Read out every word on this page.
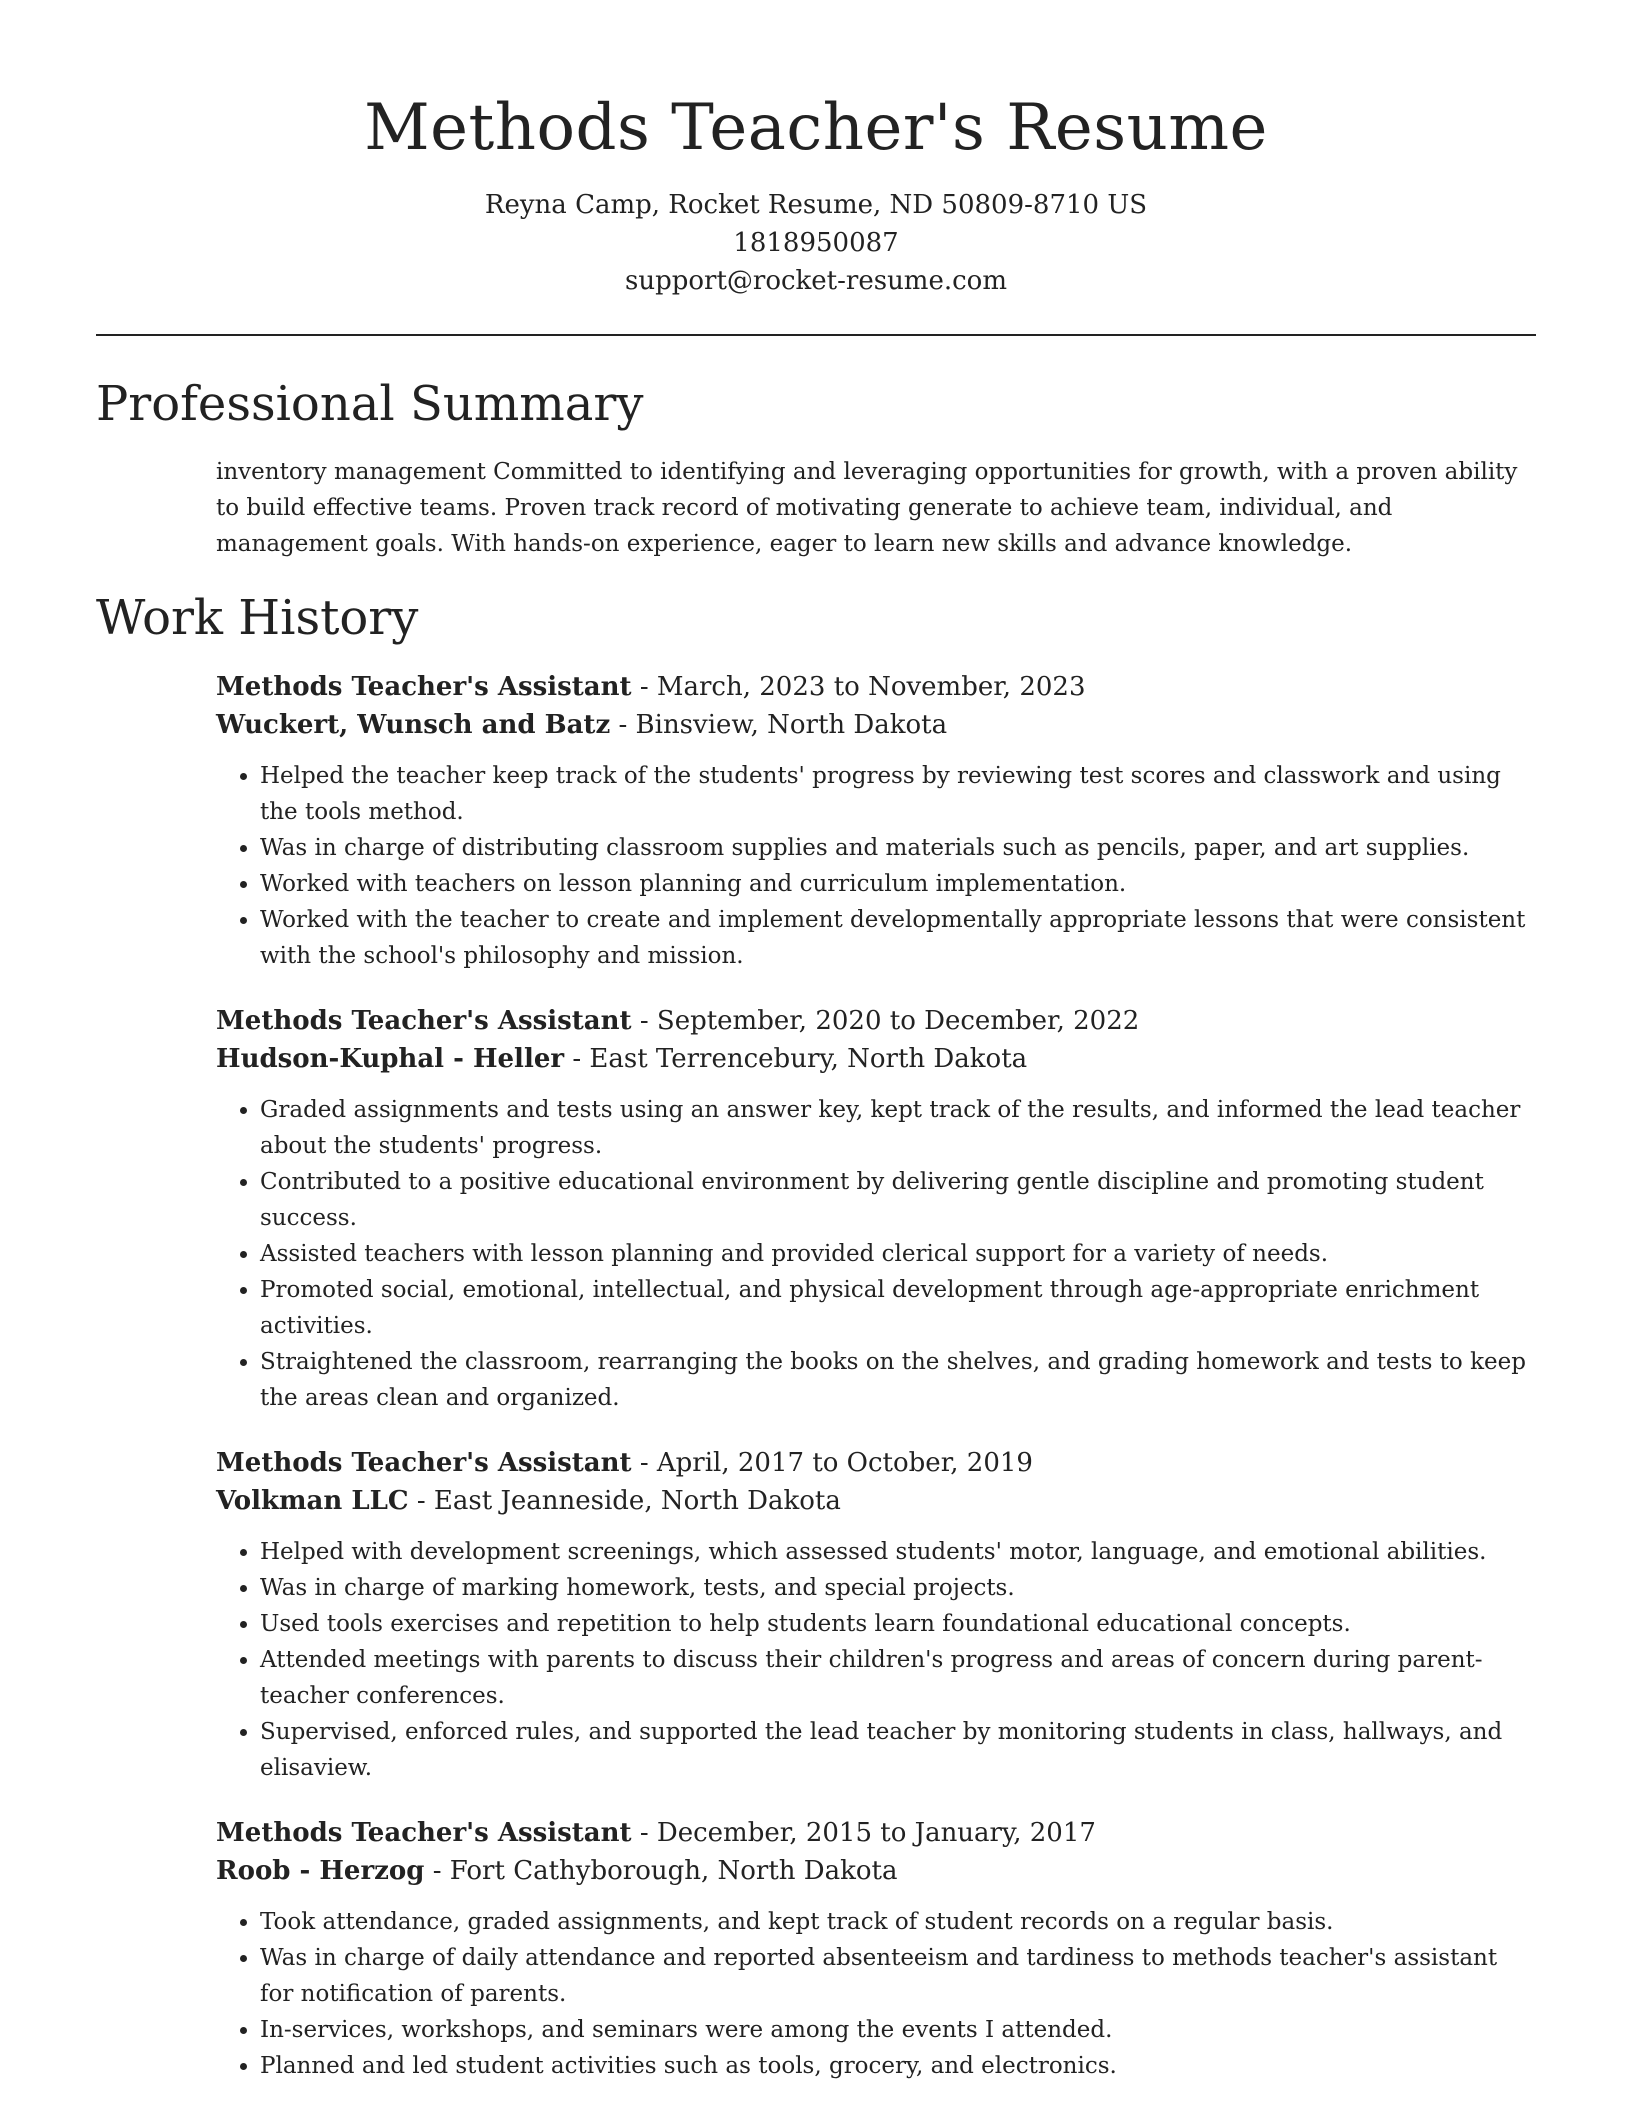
Methods Teacher's Resume
Reyna Camp, Rocket Resume, ND 50809-8710 US
1818950087
support@rocket-resume.com
Professional Summary

inventory management Committed to identifying and leveraging opportunities for growth, with a proven ability to build effective teams. Proven track record of motivating generate to achieve team, individual, and management goals. With hands-on experience, eager to learn new skills and advance knowledge.

Work History
Methods Teacher's Assistant - March, 2023 to November, 2023
Wuckert, Wunsch and Batz - Binsview, North Dakota
• Helped the teacher keep track of the students' progress by reviewing test scores and classwork and using the tools method.
• Was in charge of distributing classroom supplies and materials such as pencils, paper, and art supplies.
• Worked with teachers on lesson planning and curriculum implementation.
• Worked with the teacher to create and implement developmentally appropriate lessons that were consistent with the school's philosophy and mission.
Methods Teacher's Assistant - September, 2020 to December, 2022
Hudson-Kuphal - Heller - East Terrencebury, North Dakota
• Graded assignments and tests using an answer key, kept track of the results, and informed the lead teacher about the students' progress.
• Contributed to a positive educational environment by delivering gentle discipline and promoting student success.
• Assisted teachers with lesson planning and provided clerical support for a variety of needs.
• Promoted social, emotional, intellectual, and physical development through age-appropriate enrichment activities.
• Straightened the classroom, rearranging the books on the shelves, and grading homework and tests to keep the areas clean and organized.
Methods Teacher's Assistant - April, 2017 to October, 2019
Volkman LLC - East Jeanneside, North Dakota
• Helped with development screenings, which assessed students' motor, language, and emotional abilities.
• Was in charge of marking homework, tests, and special projects.
• Used tools exercises and repetition to help students learn foundational educational concepts.
• Attended meetings with parents to discuss their children's progress and areas of concern during parent-teacher conferences.
• Supervised, enforced rules, and supported the lead teacher by monitoring students in class, hallways, and elisaview.
Methods Teacher's Assistant - December, 2015 to January, 2017
Roob - Herzog - Fort Cathyborough, North Dakota
• Took attendance, graded assignments, and kept track of student records on a regular basis.
• Was in charge of daily attendance and reported absenteeism and tardiness to methods teacher's assistant for notification of parents.
• In-services, workshops, and seminars were among the events I attended.
• Planned and led student activities such as tools, grocery, and electronics.
